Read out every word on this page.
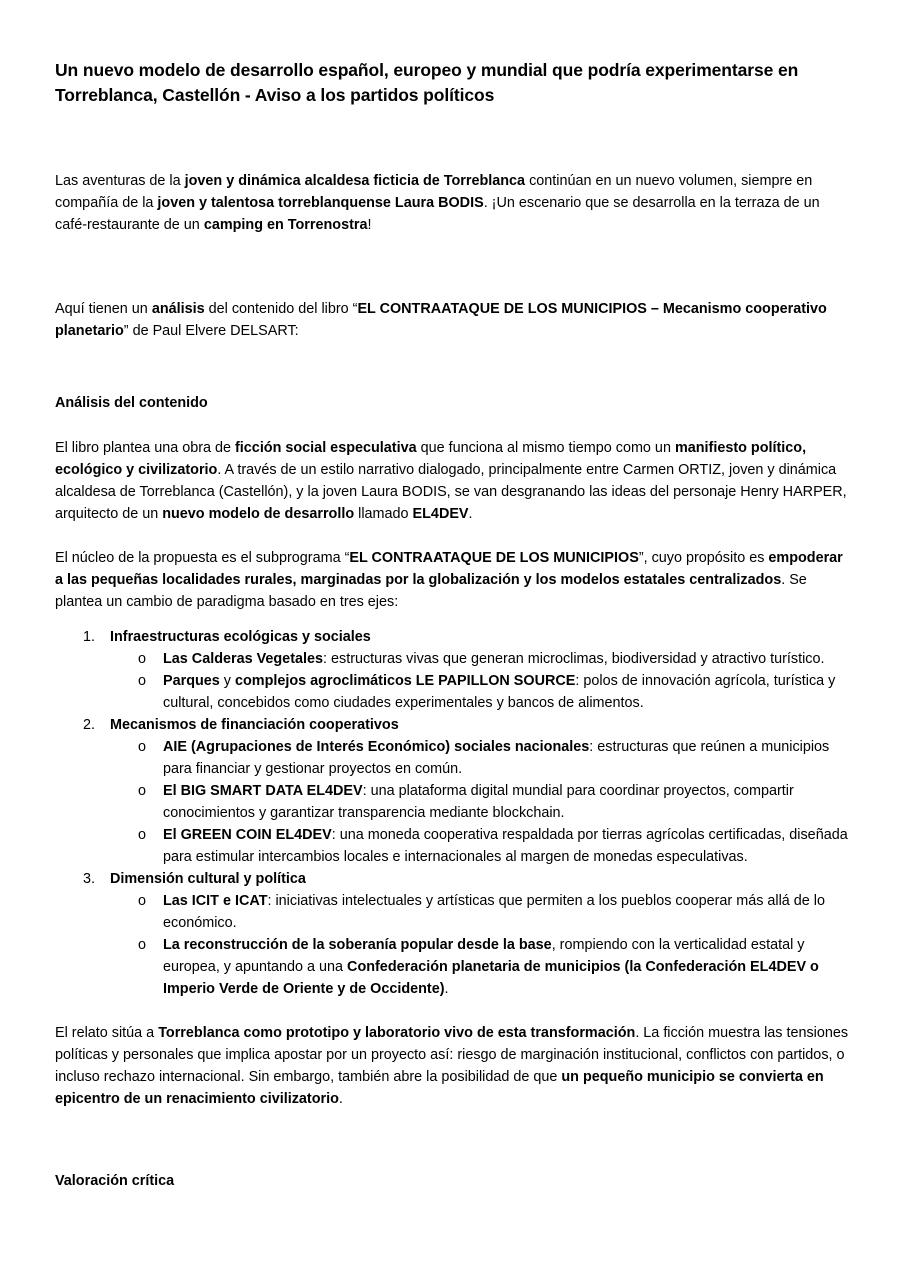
Un nuevo modelo de desarrollo español, europeo y mundial que podría experimentarse en Torreblanca, Castellón - Aviso a los partidos políticos

Las aventuras de la joven y dinámica alcaldesa ficticia de Torreblanca continúan en un nuevo volumen, siempre en compañía de la joven y talentosa torreblanquense Laura BODIS. ¡Un escenario que se desarrolla en la terraza de un café-restaurante de un camping en Torrenostra!

Aquí tienen un análisis del contenido del libro “EL CONTRAATAQUE DE LOS MUNICIPIOS – Mecanismo cooperativo planetario” de Paul Elvere DELSART:

Análisis del contenido

El libro plantea una obra de ficción social especulativa que funciona al mismo tiempo como un manifiesto político, ecológico y civilizatorio. A través de un estilo narrativo dialogado, principalmente entre Carmen ORTIZ, joven y dinámica alcaldesa de Torreblanca (Castellón), y la joven Laura BODIS, se van desgranando las ideas del personaje Henry HARPER, arquitecto de un nuevo modelo de desarrollo llamado EL4DEV.

El núcleo de la propuesta es el subprograma “EL CONTRAATAQUE DE LOS MUNICIPIOS”, cuyo propósito es empoderar a las pequeñas localidades rurales, marginadas por la globalización y los modelos estatales centralizados. Se plantea un cambio de paradigma basado en tres ejes:

Infraestructuras ecológicas y sociales
o Las Calderas Vegetales: estructuras vivas que generan microclimas, biodiversidad y atractivo turístico.
o Parques y complejos agroclimáticos LE PAPILLON SOURCE: polos de innovación agrícola, turística y cultural, concebidos como ciudades experimentales y bancos de alimentos.
Mecanismos de financiación cooperativos
o AIE (Agrupaciones de Interés Económico) sociales nacionales: estructuras que reúnen a municipios para financiar y gestionar proyectos en común.
o El BIG SMART DATA EL4DEV: una plataforma digital mundial para coordinar proyectos, compartir conocimientos y garantizar transparencia mediante blockchain.
o El GREEN COIN EL4DEV: una moneda cooperativa respaldada por tierras agrícolas certificadas, diseñada para estimular intercambios locales e internacionales al margen de monedas especulativas.
Dimensión cultural y política
o Las ICIT e ICAT: iniciativas intelectuales y artísticas que permiten a los pueblos cooperar más allá de lo económico.
o La reconstrucción de la soberanía popular desde la base, rompiendo con la verticalidad estatal y europea, y apuntando a una Confederación planetaria de municipios (la Confederación EL4DEV o Imperio Verde de Oriente y de Occidente).

El relato sitúa a Torreblanca como prototipo y laboratorio vivo de esta transformación. La ficción muestra las tensiones políticas y personales que implica apostar por un proyecto así: riesgo de marginación institucional, conflictos con partidos, o incluso rechazo internacional. Sin embargo, también abre la posibilidad de que un pequeño municipio se convierta en epicentro de un renacimiento civilizatorio.

Valoración crítica
